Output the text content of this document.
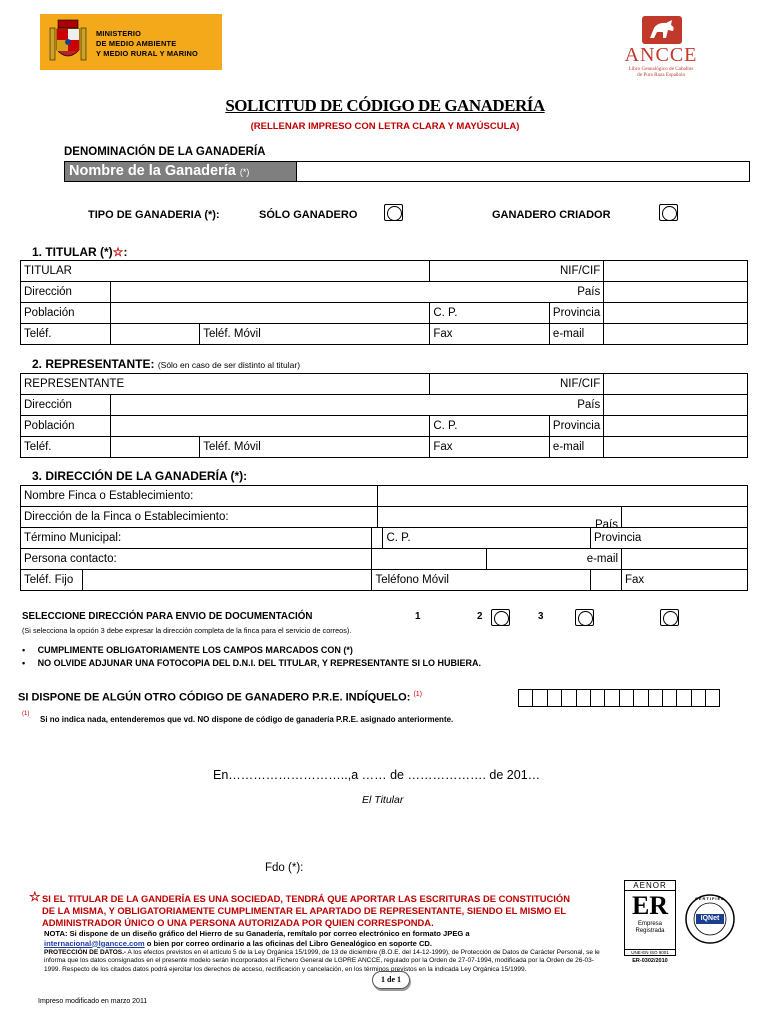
MINISTERIO
DE MEDIO AMBIENTE
Y MEDIO RURAL Y MARINO	ANCCE
Libro Genealógico de Caballos
de Pura Raza Española
SOLICITUD DE CÓDIGO DE GANADERÍA
(RELLENAR IMPRESO CON LETRA CLARA Y MAYÚSCULA)
DENOMINACIÓN DE LA GANADERÍA
Nombre de la Ganadería (*)
TIPO DE GANADERIA (*):	SÓLO GANADERO
	GANADERO CRIADOR

1. TITULAR (*)☆:
TITULAR			NIF/CIF		
Dirección	País				

Población			C. P.	Provincia	
Teléf.		Teléf. Móvil	Fax	e-mail	
2. REPRESENTANTE: (Sólo en caso de ser distinto al titular)
REPRESENTANTE			NIF/CIF		
Dirección	País				

Población			C. P.	Provincia	
Teléf.		Teléf. Móvil	Fax	e-mail	
3. DIRECCIÓN DE LA GANADERÍA (*):
Nombre Finca o Establecimiento:							
Dirección de la Finca o Establecimiento:			País				

Término Municipal:				C. P.		Provincia	
Persona contacto:					e-mail		
Teléf. Fijo		Teléfono Móvil					Fax
SELECCIONE DIRECCIÓN PARA ENVIO DE DOCUMENTACIÓN	1
	2
	3
(Si selecciona la opción 3 debe expresar la dirección completa de la finca para el servicio de correos).
•     CUMPLIMENTE OBLIGATORIAMENTE LOS CAMPOS MARCADOS CON (*)
•     NO OLVIDE ADJUNAR UNA FOTOCOPIA DEL D.N.I. DEL TITULAR, Y REPRESENTANTE SI LO HUBIERA.
SI DISPONE DE ALGÚN OTRO CÓDIGO DE GANADERO P.R.E. INDÍQUELO: $^{(1)}$
(1)
Si no indica nada, entenderemos que vd. NO dispone de código de ganadería P.R.E. asignado anteriormente.
En………………………..,a …… de ………………. de 201…
El Titular
Fdo (*):
☆ SI EL TITULAR DE LA GANDERÍA ES UNA SOCIEDAD, TENDRÁ QUE APORTAR LAS ESCRITURAS DE CONSTITUCIÓN
DE LA MISMA, Y OBLIGATORIAMENTE CUMPLIMENTAR EL APARTADO DE REPRESENTANTE, SIENDO EL MISMO EL
ADMINISTRADOR ÚNICO O UNA PERSONA AUTORIZADA POR QUIEN CORRESPONDA.
NOTA: Si dispone de un diseño gráfico del Hierro de su Ganadería, remítalo por correo electrónico en formato JPEG a
internacional@lgancce.com o bien por correo ordinario a las oficinas del Libro Genealógico en soporte CD.
PROTECCIÓN DE DATOS.- A los efectos previstos en el artículo 5 de la Ley Orgánica 15/1999, de 13 de diciembre (B.O.E. del 14-12-1999), de Protección de Datos de Carácter Personal, se le informa que los datos consignados en el presente modelo serán incorporados al Fichero General de LGPRE ANCCE, regulado por la Orden de 27-07-1994, modificada por la Orden de 26-03-1999. Respecto de los citados datos podrá ejercitar los derechos de acceso, rectificación y cancelación, en los términos previstos en la indicada Ley Orgánica 15/1999.
1 de 1
Impreso modificado en marzo 2011
AENOR
ER
Empresa
Registrada
UNE-EN ISO 9001
ER-0302/2010
IQNet
CERTIFIED
